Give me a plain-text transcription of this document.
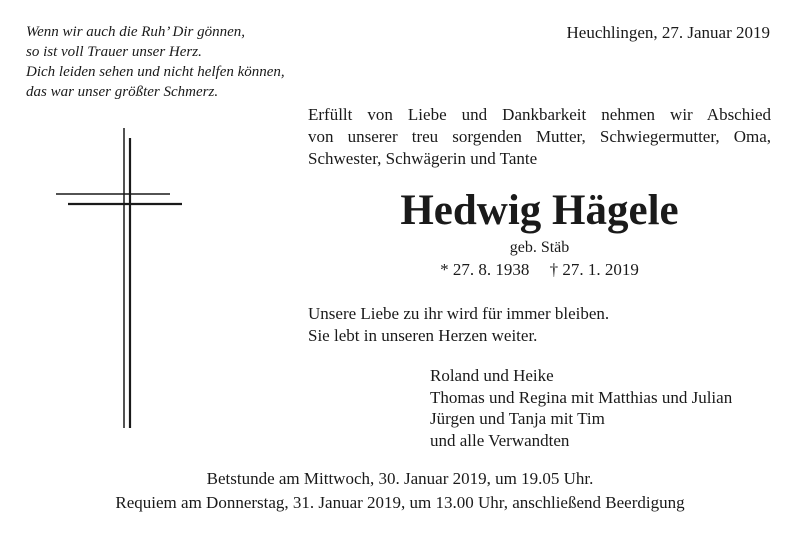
Wenn wir auch die Ruh’ Dir gönnen,
so ist voll Trauer unser Herz.
Dich leiden sehen und nicht helfen können,
das war unser größter Schmerz.
Heuchlingen, 27. Januar 2019
Erfüllt von Liebe und Dankbarkeit nehmen wir Abschied
von unserer treu sorgenden Mutter, Schwiegermutter, Oma,
Schwester, Schwägerin und Tante
Hedwig Hägele
geb. Stäb
* 27. 8. 1938 † 27. 1. 2019
Unsere Liebe zu ihr wird für immer bleiben.
Sie lebt in unseren Herzen weiter.
Roland und Heike
Thomas und Regina mit Matthias und Julian
Jürgen und Tanja mit Tim
und alle Verwandten
Betstunde am Mittwoch, 30. Januar 2019, um 19.05 Uhr.
Requiem am Donnerstag, 31. Januar 2019, um 13.00 Uhr, anschließend Beerdigung
